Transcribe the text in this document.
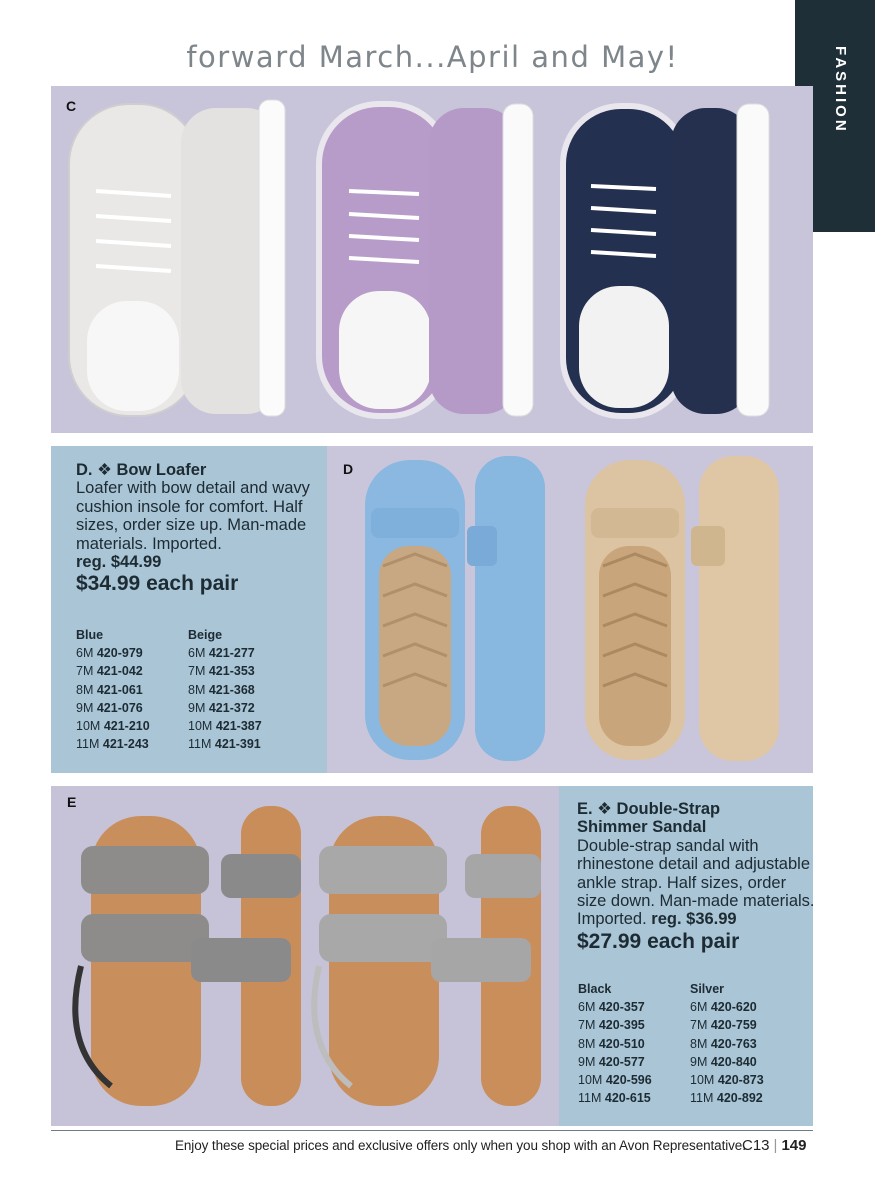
forward March...April and May!	FASHION
C
D
E
D. ❖ Bow Loafer
Loafer with bow detail and wavy cushion insole for comfort. Half sizes, order size up. Man-made materials. Imported.
reg. $44.99
$34.99 each pair
Blue
6M 420-979
7M 421-042
8M 421-061
9M 421-076
10M 421-210
11M 421-243
Beige
6M 421-277
7M 421-353
8M 421-368
9M 421-372
10M 421-387
11M 421-391
E. ❖ Double-Strap
Shimmer Sandal
Double-strap sandal with rhinestone detail and adjustable ankle strap. Half sizes, order size down. Man-made materials. Imported. reg. $36.99
$27.99 each pair
Black
6M 420-357
7M 420-395
8M 420-510
9M 420-577
10M 420-596
11M 420-615
Silver
6M 420-620
7M 420-759
8M 420-763
9M 420-840
10M 420-873
11M 420-892
Enjoy these special prices and exclusive offers only when you shop with an Avon Representative.
C13 | 149
